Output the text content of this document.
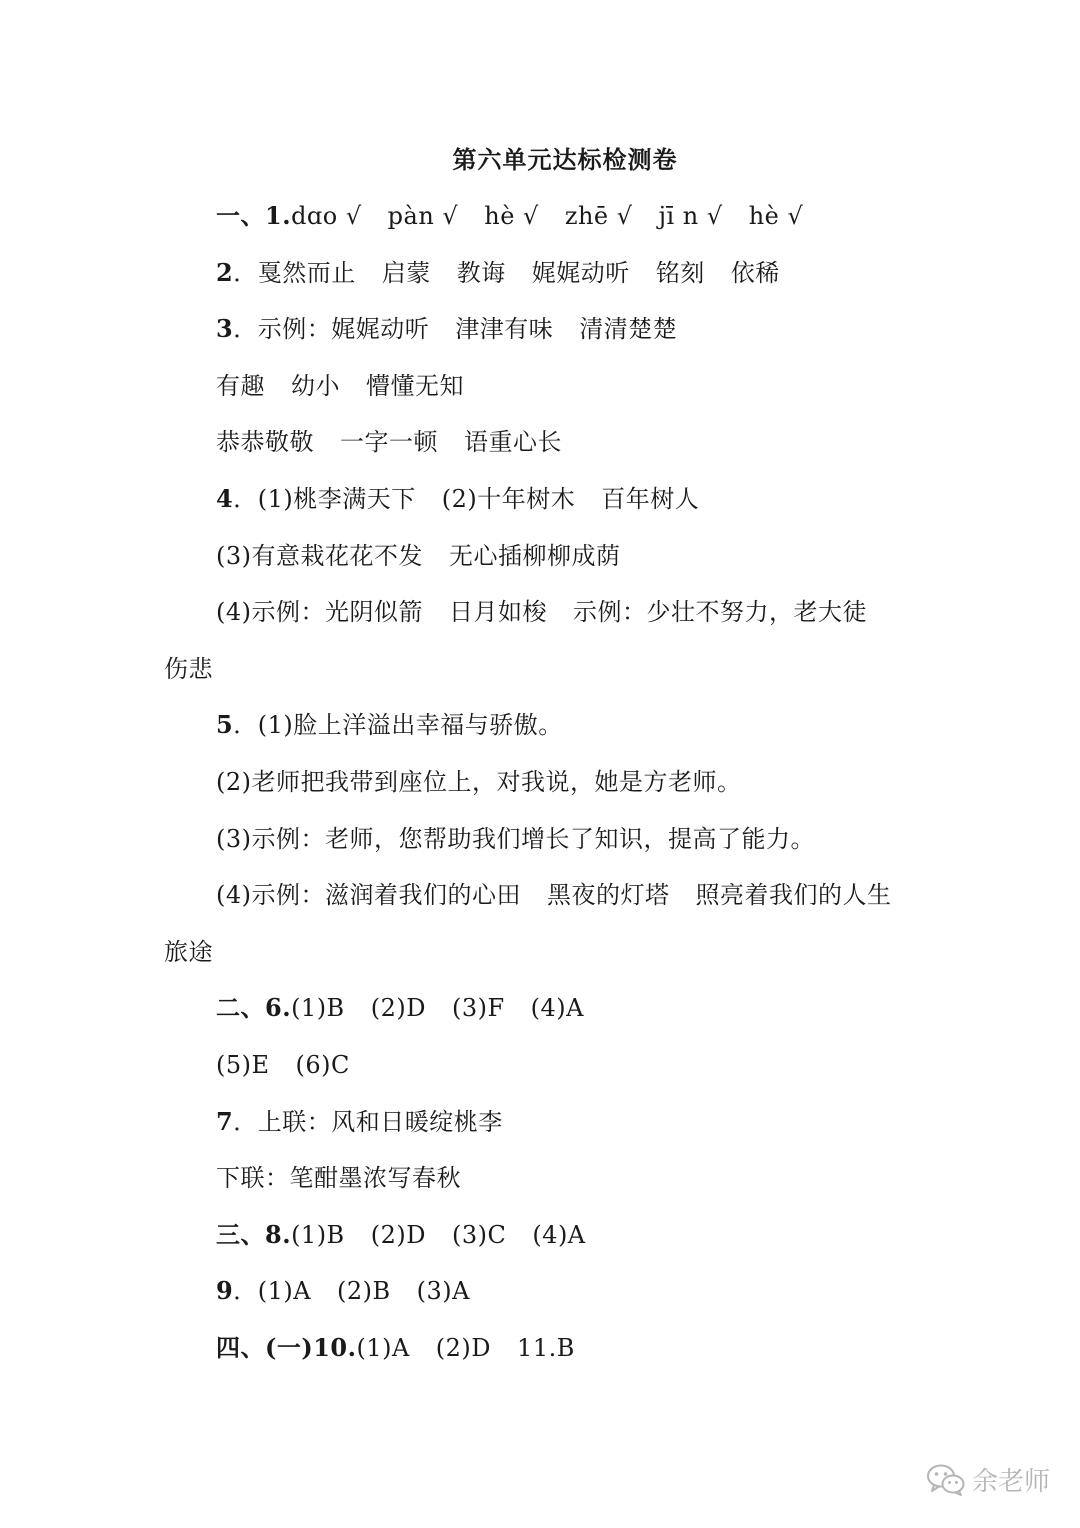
第六单元达标检测卷
一、1.dɑo √ pàn √ hè √ zhē √ jī n √ hè √
2．戛然而止 启蒙 教诲 娓娓动听 铭刻 依稀
3．示例：娓娓动听 津津有味 清清楚楚
有趣 幼小 懵懂无知
恭恭敬敬 一字一顿 语重心长
4．(1)桃李满天下 (2)十年树木 百年树人
(3)有意栽花花不发 无心插柳柳成荫
(4)示例：光阴似箭 日月如梭 示例：少壮不努力，老大徒
伤悲
5．(1)脸上洋溢出幸福与骄傲。
(2)老师把我带到座位上，对我说，她是方老师。
(3)示例：老师，您帮助我们增长了知识，提高了能力。
(4)示例：滋润着我们的心田 黑夜的灯塔 照亮着我们的人生
旅途
二、6.(1)B (2)D (3)F (4)A
(5)E (6)C
7．上联：风和日暖绽桃李
下联：笔酣墨浓写春秋
三、8.(1)B (2)D (3)C (4)A
9．(1)A (2)B (3)A
四、(一)10.(1)A (2)D 11.B
余老师
